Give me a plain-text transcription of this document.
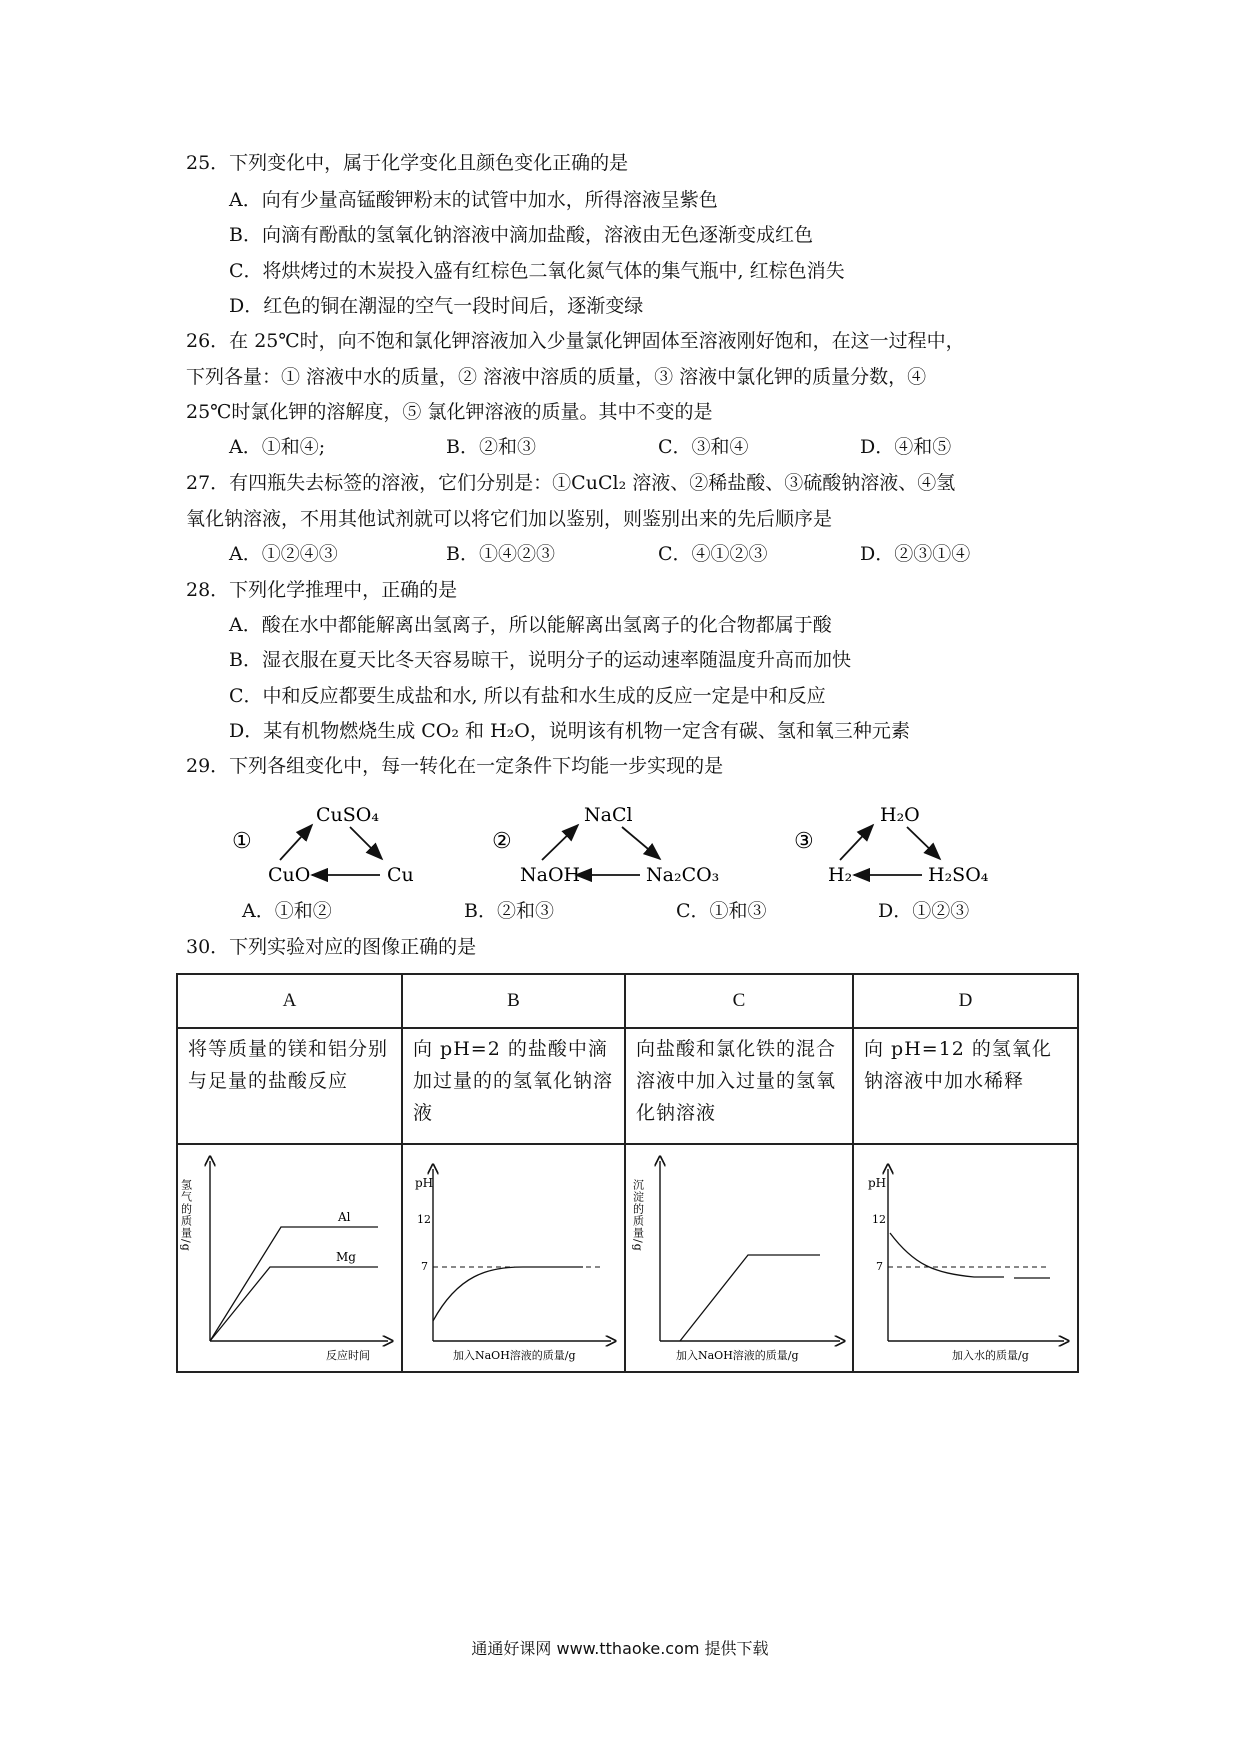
25．下列变化中，属于化学变化且颜色变化正确的是
A．向有少量高锰酸钾粉末的试管中加水，所得溶液呈紫色
B．向滴有酚酞的氢氧化钠溶液中滴加盐酸，溶液由无色逐渐变成红色
C．将烘烤过的木炭投入盛有红棕色二氧化氮气体的集气瓶中, 红棕色消失
D．红色的铜在潮湿的空气一段时间后，逐渐变绿
26．在 25℃时，向不饱和氯化钾溶液加入少量氯化钾固体至溶液刚好饱和，在这一过程中，
下列各量：① 溶液中水的质量，② 溶液中溶质的质量，③ 溶液中氯化钾的质量分数，④
25℃时氯化钾的溶解度，⑤ 氯化钾溶液的质量。其中不变的是
A．①和④;	B．②和③	C．③和④	D．④和⑤
27．有四瓶失去标签的溶液，它们分别是：①CuCl₂ 溶液、②稀盐酸、③硫酸钠溶液、④氢
氧化钠溶液，不用其他试剂就可以将它们加以鉴别，则鉴别出来的先后顺序是
A．①②④③	B．①④②③	C．④①②③	D．②③①④
28．下列化学推理中，正确的是
A．酸在水中都能解离出氢离子，所以能解离出氢离子的化合物都属于酸
B．湿衣服在夏天比冬天容易晾干，说明分子的运动速率随温度升高而加快
C．中和反应都要生成盐和水, 所以有盐和水生成的反应一定是中和反应
D．某有机物燃烧生成 CO₂ 和 H₂O，说明该有机物一定含有碳、氢和氧三种元素
29．下列各组变化中，每一转化在一定条件下均能一步实现的是
①
CuSO₄
CuO	Cu
②
NaCl
NaOH	Na₂CO₃
③
H₂O
H₂	H₂SO₄
A．①和②	B．②和③	C．①和③	D．①②③
30．下列实验对应的图像正确的是
A	B	C	D
将等质量的镁和铝分别与足量的盐酸反应	向 pH=2 的盐酸中滴加过量的的氢氧化钠溶液	向盐酸和氯化铁的混合溶液中加入过量的氢氧化钠溶液	向 pH=12 的氢氧化钠溶液中加水稀释

氢气的质量/g
反应时间
Al
Mg	pH
12
7
加入NaOH溶液的质量/g	沉淀的质量/g
加入NaOH溶液的质量/g	pH
12
7
加入水的质量/g
通通好课网 www.tthaoke.com 提供下载
